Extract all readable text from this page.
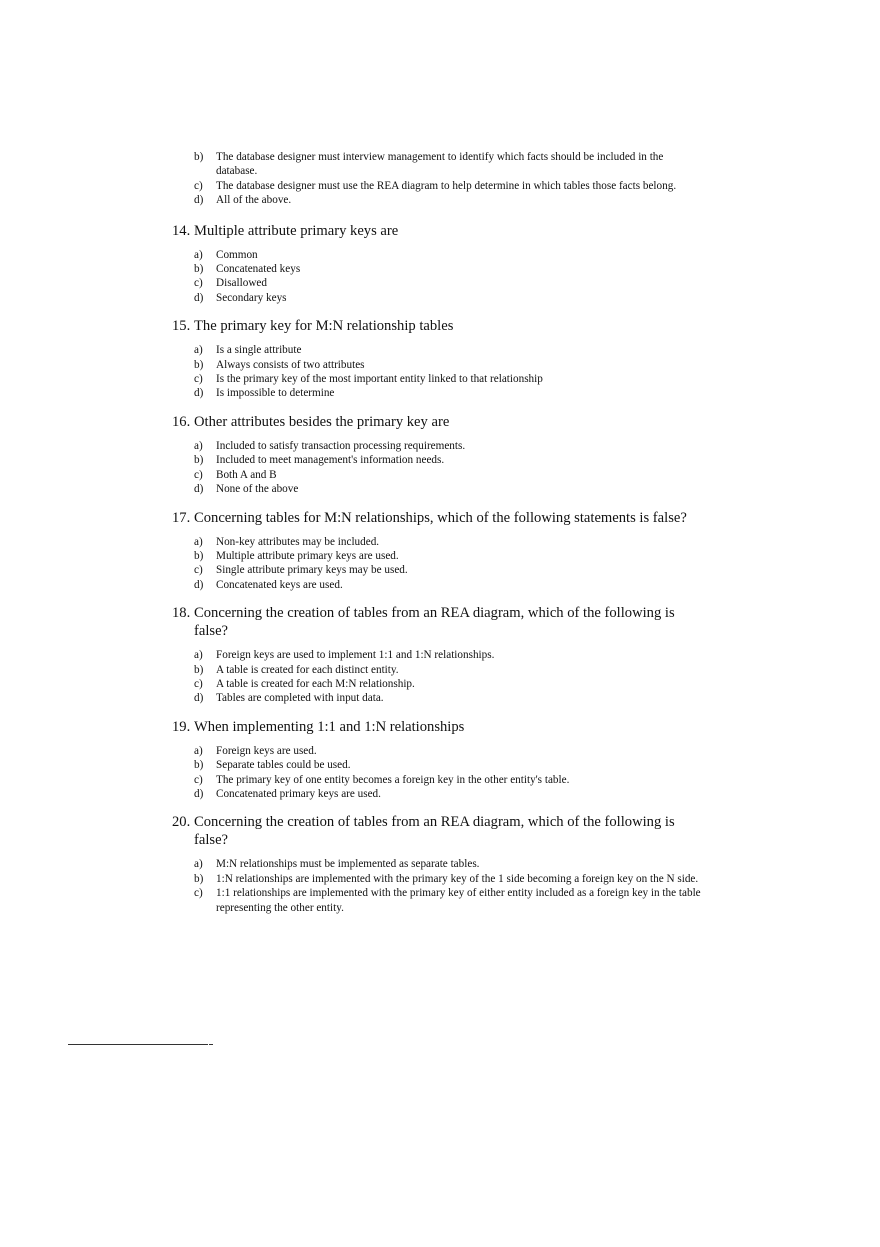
b)	The database designer must interview management to identify which facts should be included in the database.
c)	The database designer must use the REA diagram to help determine in which tables those facts belong.
d)	All of the above.
14. Multiple attribute primary keys are
a)	Common
b)	Concatenated keys
c)	Disallowed
d)	Secondary keys
15. The primary key for M:N relationship tables
a)	Is a single attribute
b)	Always consists of two attributes
c)	Is the primary key of the most important entity linked to that relationship
d)	Is impossible to determine
16. Other attributes besides the primary key are
a)	Included to satisfy transaction processing requirements.
b)	Included to meet management's information needs.
c)	Both A and B
d)	None of the above
17. Concerning tables for M:N relationships, which of the following statements is false?
a)	Non-key attributes may be included.
b)	Multiple attribute primary keys are used.
c)	Single attribute primary keys may be used.
d)	Concatenated keys are used.
18. Concerning the creation of tables from an REA diagram, which of the following is false?
a)	Foreign keys are used to implement 1:1 and 1:N relationships.
b)	A table is created for each distinct entity.
c)	A table is created for each M:N relationship.
d)	Tables are completed with input data.
19. When implementing 1:1 and 1:N relationships
a)	Foreign keys are used.
b)	Separate tables could be used.
c)	The primary key of one entity becomes a foreign key in the other entity's table.
d)	Concatenated primary keys are used.
20. Concerning the creation of tables from an REA diagram, which of the following is false?
a)	M:N relationships must be implemented as separate tables.
b)	1:N relationships are implemented with the primary key of the 1 side becoming a foreign key on the N side.
c)	1:1 relationships are implemented with the primary key of either entity included as a foreign key in the table representing the other entity.
